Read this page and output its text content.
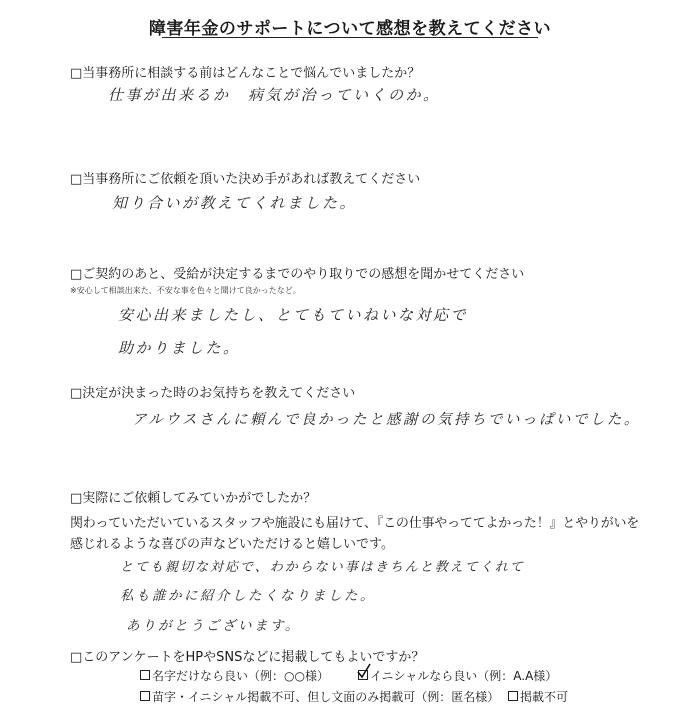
障害年金のサポートについて感想を教えてください
□当事務所に相談する前はどんなことで悩んでいましたか？
仕事が出来るか　病気が治っていくのか。
□当事務所にご依頼を頂いた決め手があれば教えてください
知り合いが教えてくれました。
□ご契約のあと、受給が決定するまでのやり取りでの感想を聞かせてください
※安心して相談出来た、不安な事を色々と聞けて良かったなど。
安心出来ましたし、とてもていねいな対応で
助かりました。
□決定が決まった時のお気持ちを教えてください
アルウスさんに頼んで良かったと感謝の気持ちでいっぱいでした。
□実際にご依頼してみていかがでしたか？
関わっていただいているスタッフや施設にも届けて、『この仕事やっててよかった！』とやりがいを
感じれるような喜びの声などいただけると嬉しいです。
とても親切な対応で、わからない事はきちんと教えてくれて
私も誰かに紹介したくなりました。
ありがとうございます。
□このアンケートをHPやSNSなどに掲載してもよいですか？
名字だけなら良い（例：○○様）	イニシャルなら良い（例：A.A様）
苗字・イニシャル掲載不可、但し文面のみ掲載可（例：匿名様）	掲載不可
